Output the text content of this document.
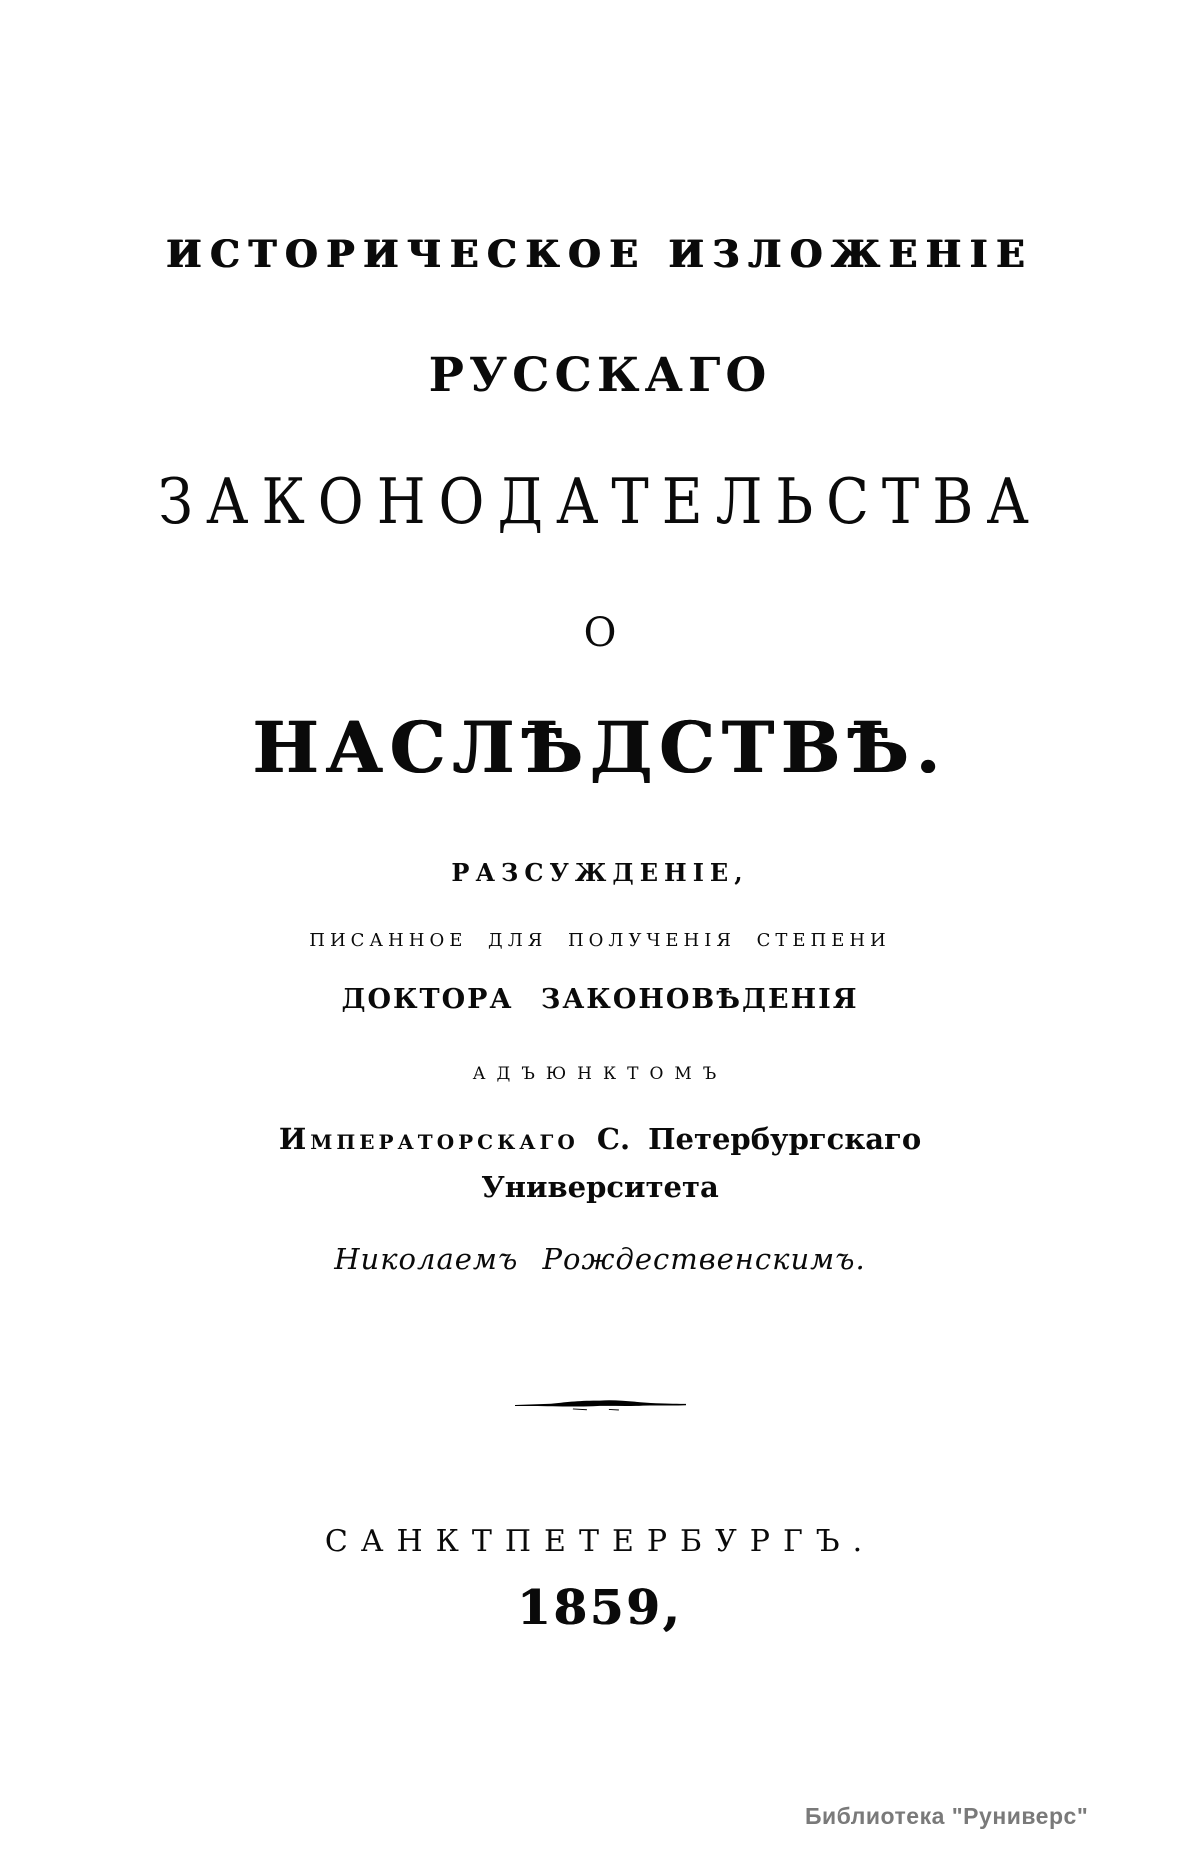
ИСТОРИЧЕСКОЕ ИЗЛОЖЕНІЕ
РУССКАГО
ЗАКОНОДАТЕЛЬСТВА
О
НАСЛѢДСТВѢ.
РАЗСУЖДЕНІЕ,
ПИСАННОЕ ДЛЯ ПОЛУЧЕНІЯ СТЕПЕНИ
ДОКТОРА ЗАКОНОВѢДЕНІЯ
АДЪЮНКТОМЪ
Императорскаго С. Петербургскаго
Университета
Николаемъ Рождественскимъ.
САНКТПЕТЕРБУРГЪ.
1859,
Библиотека "Руниверс"
